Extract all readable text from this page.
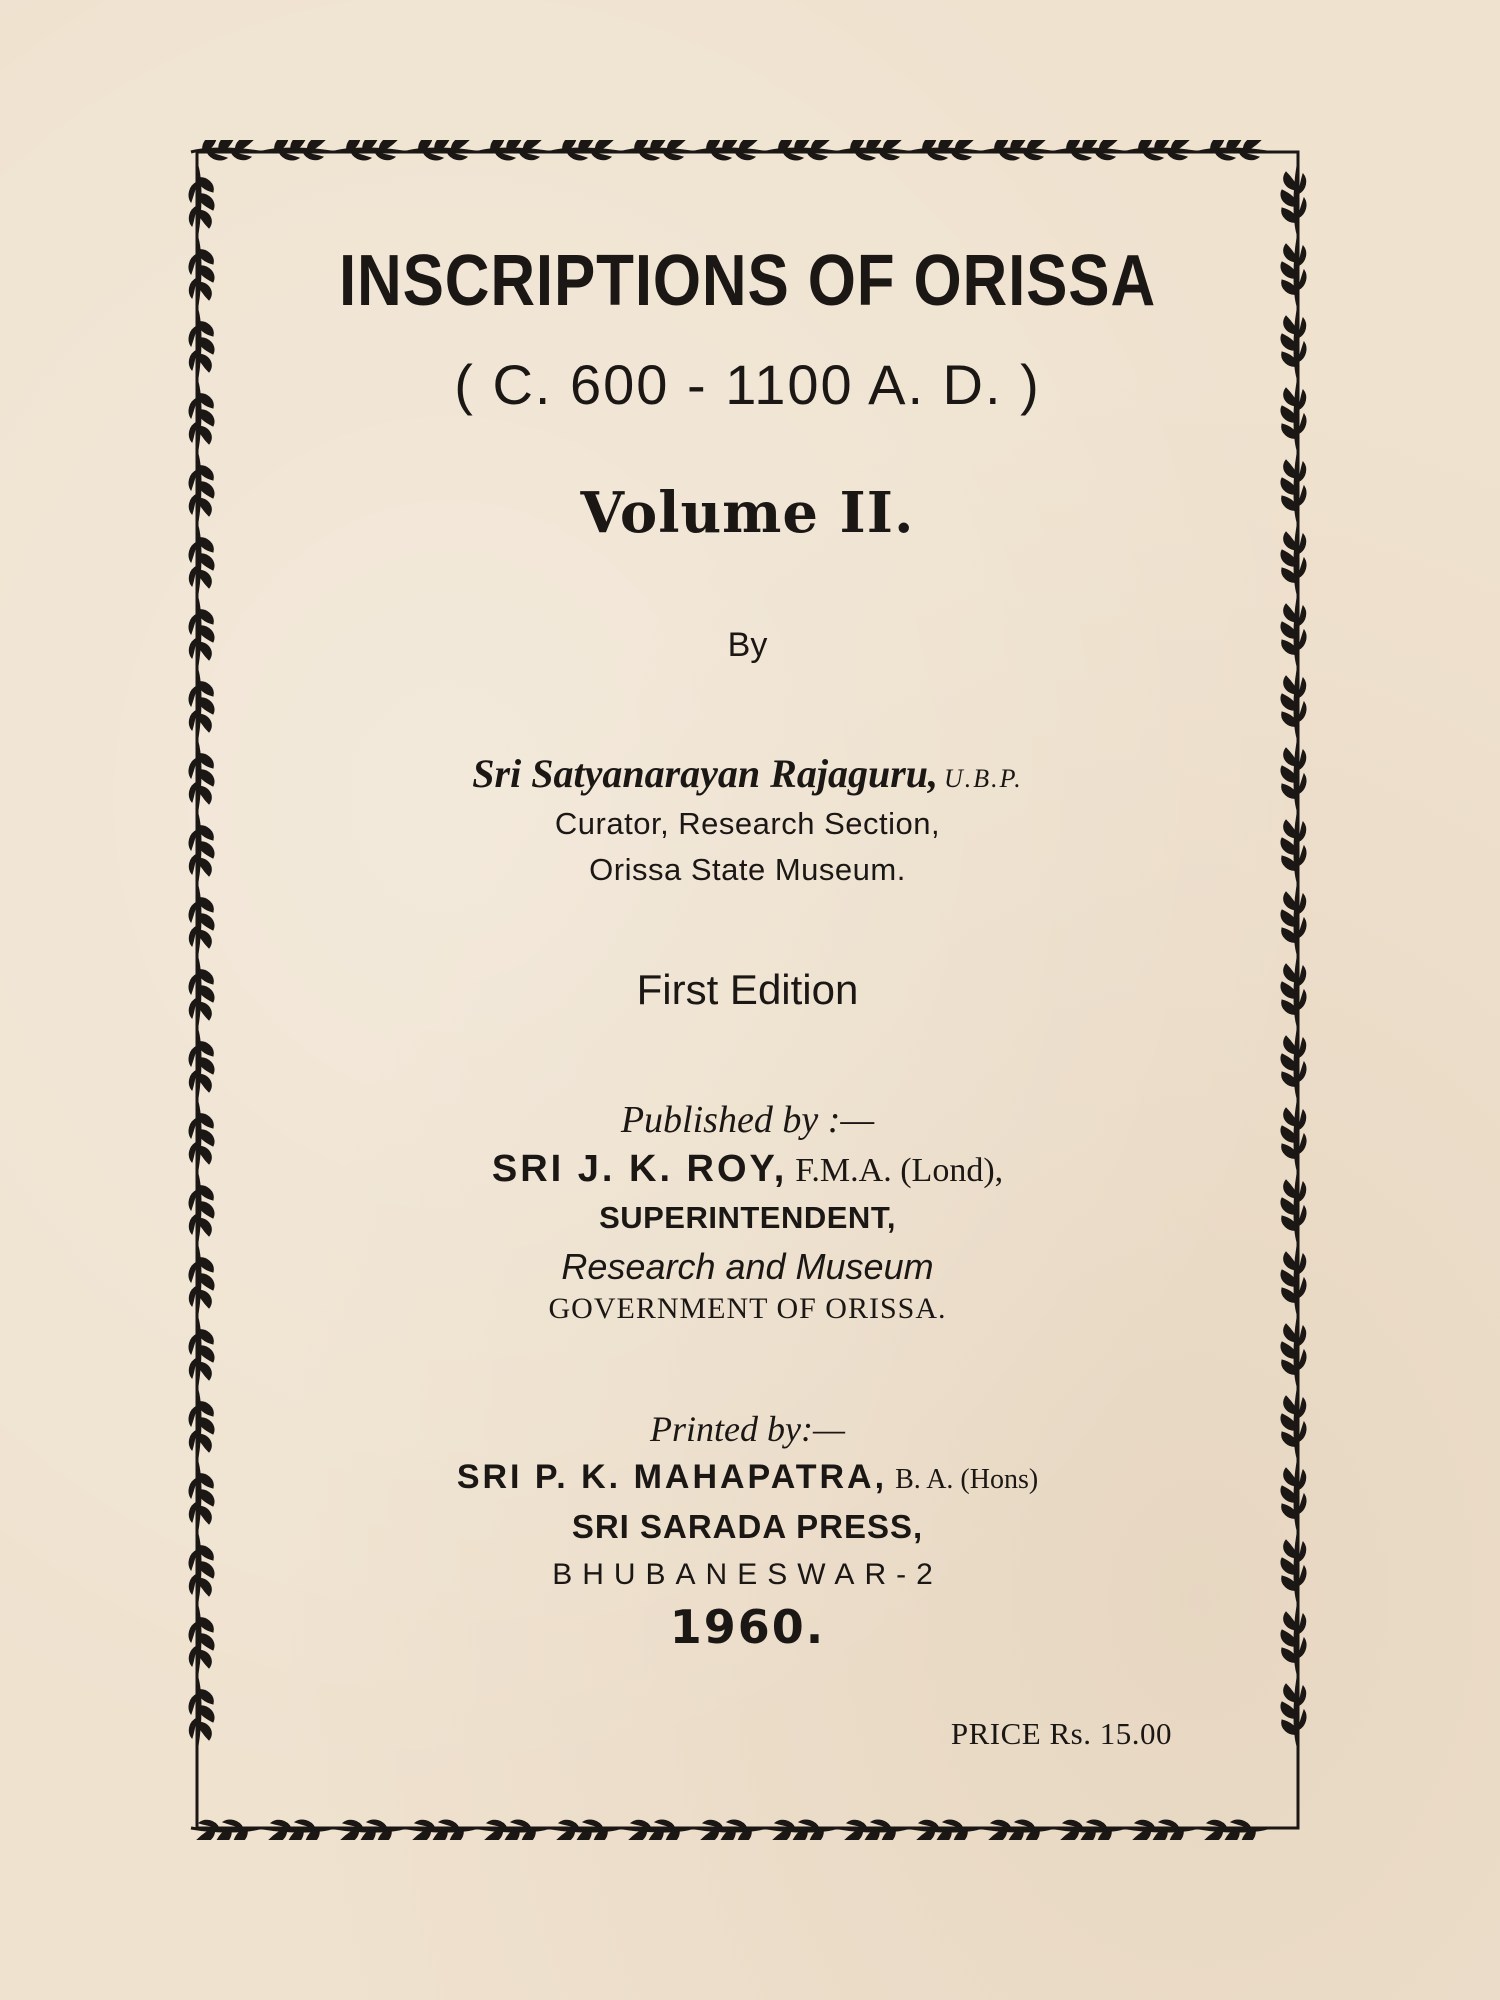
INSCRIPTIONS OF ORISSA
( C. 600 - 1100 A. D. )
Volume II.
By
Sri Satyanarayan Rajaguru, U.B.P.
Curator, Research Section,
Orissa State Museum.
First Edition
Published by :—
SRI J. K. ROY, F.M.A. (Lond),
SUPERINTENDENT,
Research and Museum
GOVERNMENT OF ORISSA.
Printed by:—
SRI P. K. MAHAPATRA, B. A. (Hons)
SRI SARADA PRESS,
BHUBANESWAR-2
1960.
PRICE Rs. 15.00
